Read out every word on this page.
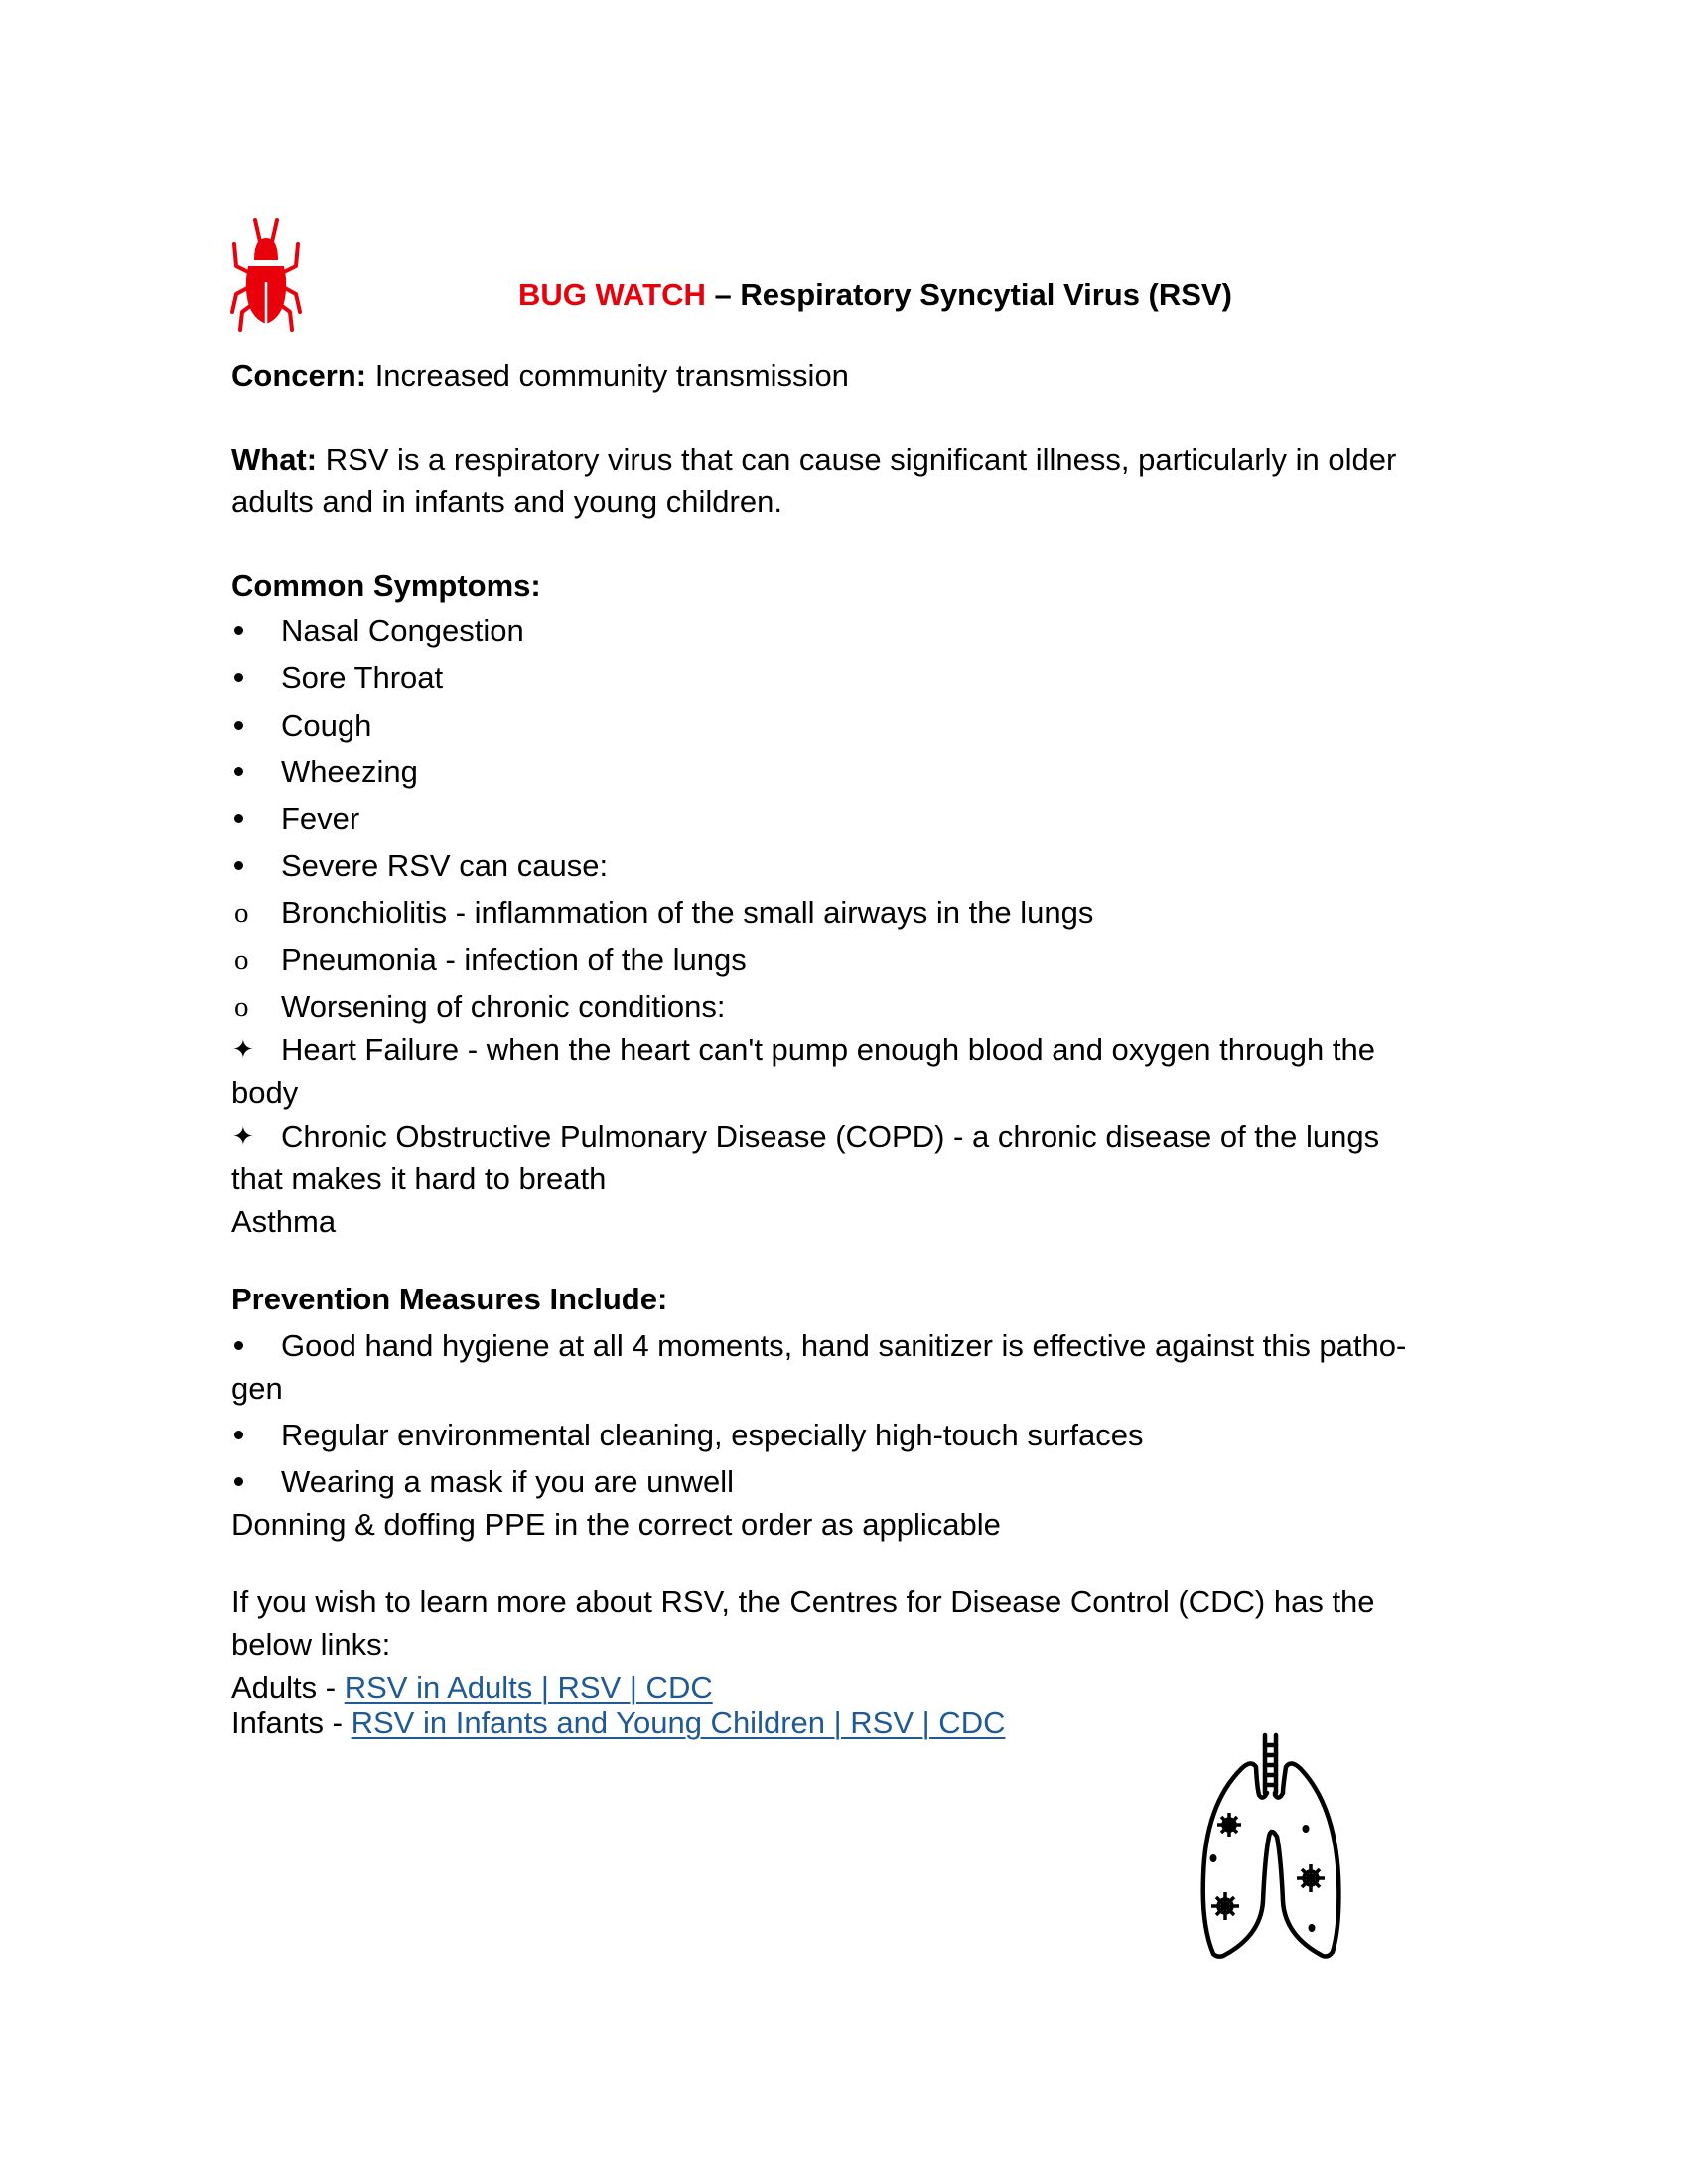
BUG WATCH – Respiratory Syncytial Virus (RSV)
Concern: Increased community transmission
What: RSV is a respiratory virus that can cause significant illness, particularly in older
adults and in infants and young children.
Common Symptoms:
Nasal Congestion
Sore Throat
Cough
Wheezing
Fever
Severe RSV can cause:
o	Bronchiolitis - inflammation of the small airways in the lungs
o	Pneumonia - infection of the lungs
o	Worsening of chronic conditions:
✦ Heart Failure - when the heart can't pump enough blood and oxygen through the
body
✦ Chronic Obstructive Pulmonary Disease (COPD) - a chronic disease of the lungs
that makes it hard to breath
Asthma
Prevention Measures Include:
Good hand hygiene at all 4 moments, hand sanitizer is effective against this patho-
gen
Regular environmental cleaning, especially high-touch surfaces
Wearing a mask if you are unwell
Donning & doffing PPE in the correct order as applicable
If you wish to learn more about RSV, the Centres for Disease Control (CDC) has the
below links:
Adults - RSV in Adults | RSV | CDC
Infants - RSV in Infants and Young Children | RSV | CDC
